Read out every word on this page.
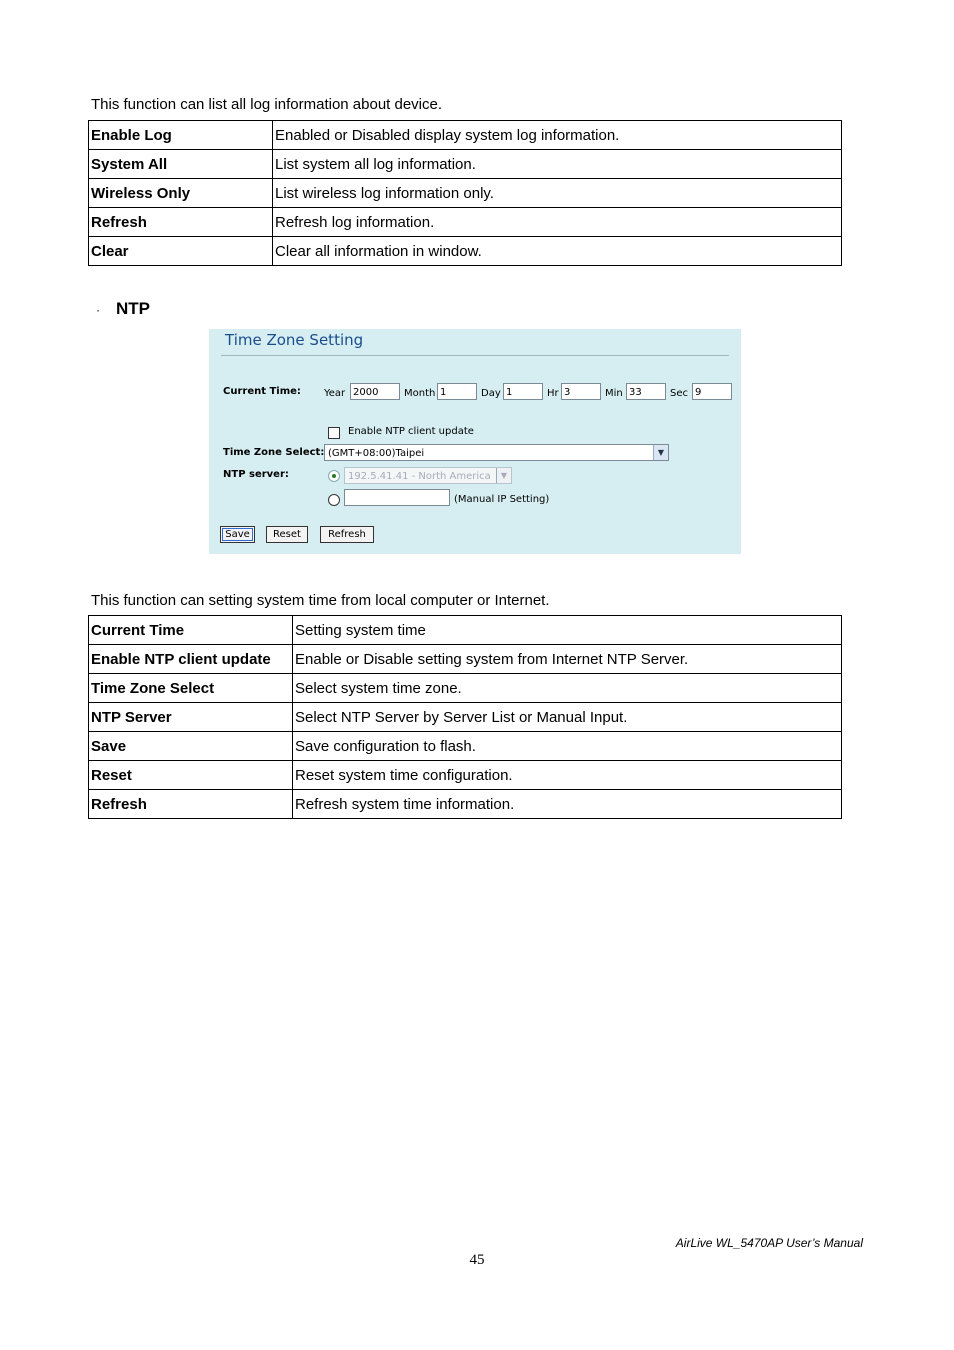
This function can list all log information about device.
Enable Log	Enabled or Disabled display system log information.
System All	List system all log information.
Wireless Only	List wireless log information only.
Refresh	Refresh log information.
Clear	Clear all information in window.
· NTP
Time Zone Setting
Current Time: Year 2000	Month 1	Day 1	Hr 3	Min 33	Sec 9
Enable NTP client update
Time Zone Select: (GMT+08:00)Taipei	▼
NTP server:	192.5.41.41 - North America	▼
(Manual IP Setting)
Save	Reset	Refresh
This function can setting system time from local computer or Internet.
Current Time	Setting system time
Enable NTP client update	Enable or Disable setting system from Internet NTP Server.
Time Zone Select	Select system time zone.
NTP Server	Select NTP Server by Server List or Manual Input.
Save	Save configuration to flash.
Reset	Reset system time configuration.
Refresh	Refresh system time information.
AirLive WL_5470AP User’s Manual
45
